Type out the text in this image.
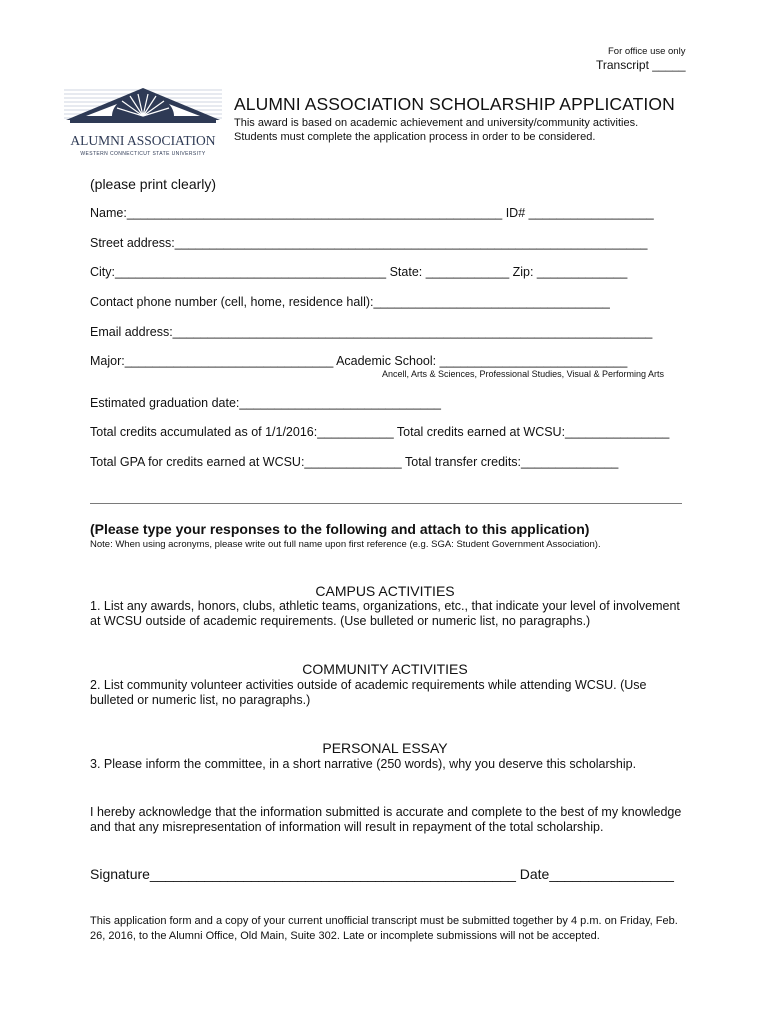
For office use only
Transcript _____
ALUMNI ASSOCIATION
WESTERN CONNECTICUT STATE UNIVERSITY
ALUMNI ASSOCIATION SCHOLARSHIP APPLICATION
This award is based on academic achievement and university/community activities.
Students must complete the application process in order to be considered.
(please print clearly)
Name:______________________________________________________ ID# __________________
Street address:____________________________________________________________________
City:_______________________________________ State: ____________ Zip: _____________
Contact phone number (cell, home, residence hall):__________________________________
Email address:_____________________________________________________________________
Major:______________________________ Academic School: ___________________________
Ancell, Arts & Sciences, Professional Studies, Visual & Performing Arts
Estimated graduation date:_____________________________
Total credits accumulated as of 1/1/2016:___________ Total credits earned at WCSU:_______________
Total GPA for credits earned at WCSU:______________ Total transfer credits:______________
(Please type your responses to the following and attach to this application)
Note: When using acronyms, please write out full name upon first reference (e.g. SGA: Student Government Association).
CAMPUS ACTIVITIES
1. List any awards, honors, clubs, athletic teams, organizations, etc., that indicate your level of involvement at WCSU outside of academic requirements. (Use bulleted or numeric list, no paragraphs.)
COMMUNITY ACTIVITIES
2. List community volunteer activities outside of academic requirements while attending WCSU. (Use bulleted or numeric list, no paragraphs.)
PERSONAL ESSAY
3. Please inform the committee, in a short narrative (250 words), why you deserve this scholarship.
I hereby acknowledge that the information submitted is accurate and complete to the best of my knowledge and that any misrepresentation of information will result in repayment of the total scholarship.
Signature_______________________________________________ Date________________
This application form and a copy of your current unofficial transcript must be submitted together by 4 p.m. on Friday, Feb. 26, 2016, to the Alumni Office, Old Main, Suite 302. Late or incomplete submissions will not be accepted.
